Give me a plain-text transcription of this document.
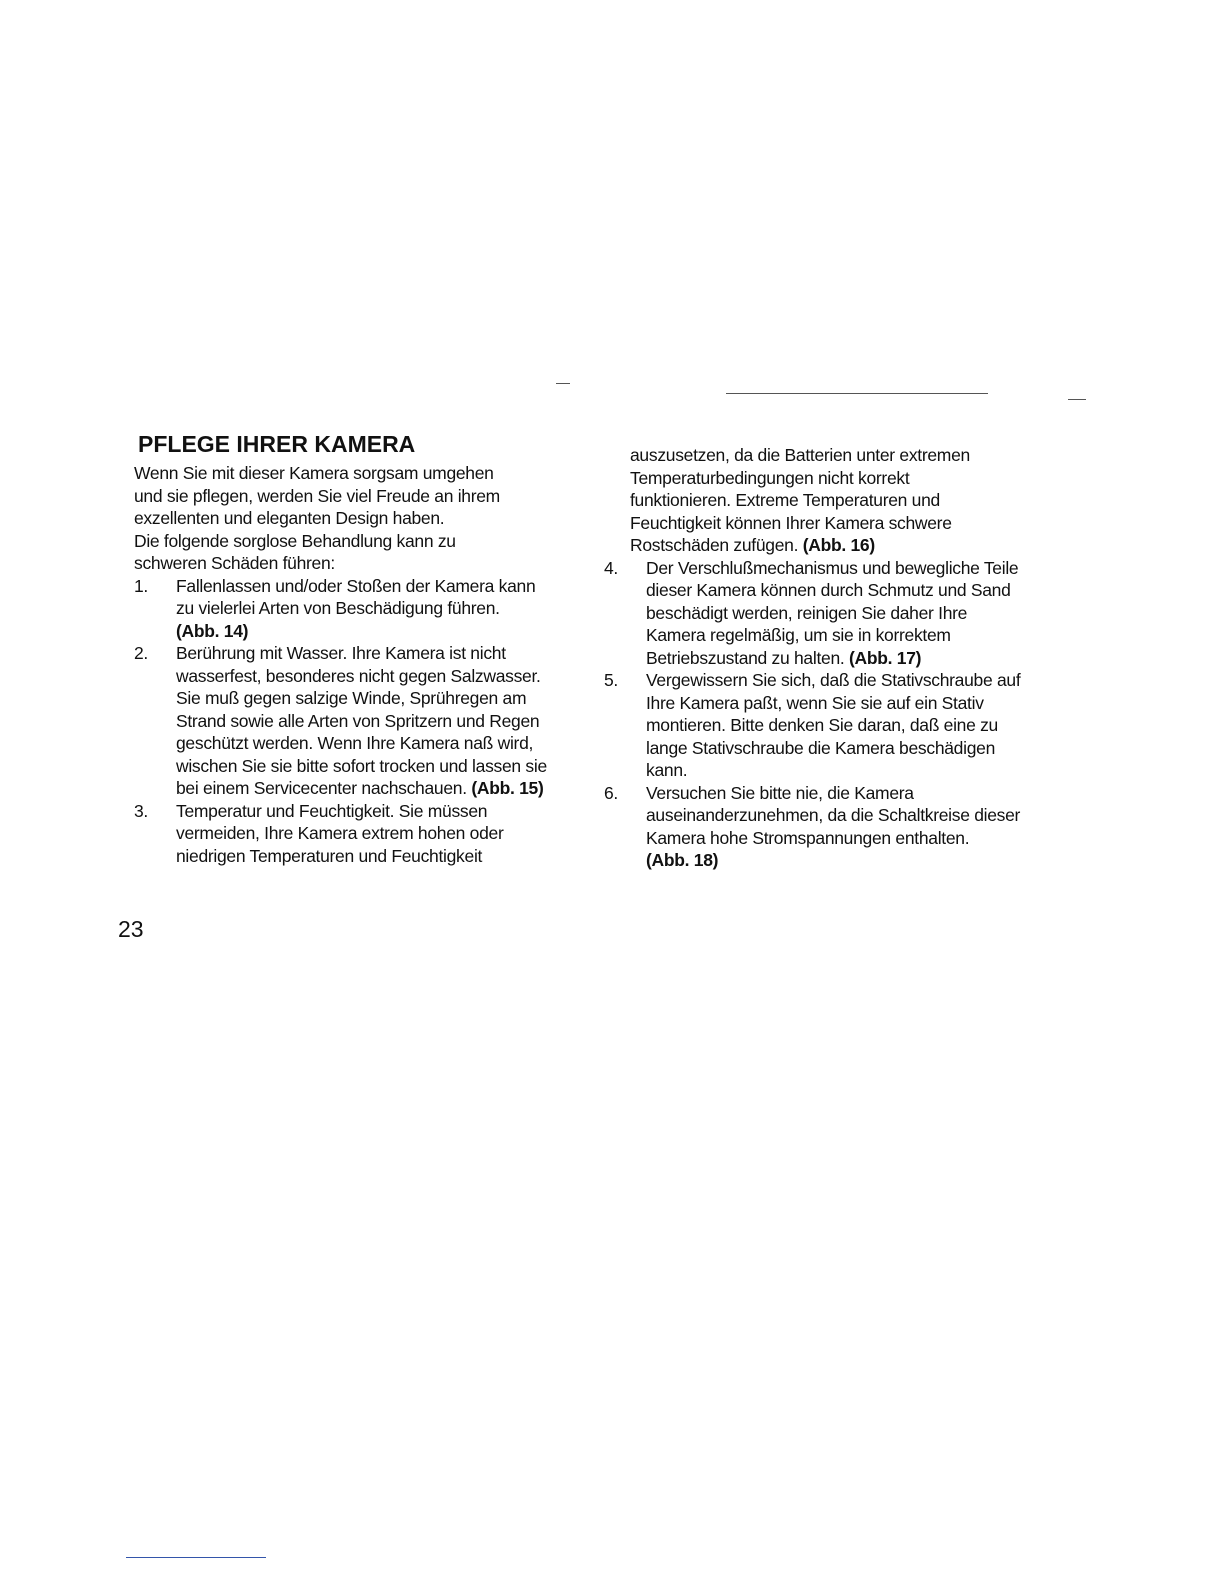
PFLEGE IHRER KAMERA

Wenn Sie mit dieser Kamera sorgsam umgehen
und sie pflegen, werden Sie viel Freude an ihrem
exzellenten und eleganten Design haben.
Die folgende sorglose Behandlung kann zu
schweren Schäden führen:

1.	Fallenlassen und/oder Stoßen der Kamera kann
zu vielerlei Arten von Beschädigung führen.
(Abb. 14)
2.	Berührung mit Wasser. Ihre Kamera ist nicht
wasserfest, besonderes nicht gegen Salzwasser.
Sie muß gegen salzige Winde, Sprühregen am
Strand sowie alle Arten von Spritzern und Regen
geschützt werden. Wenn Ihre Kamera naß wird,
wischen Sie sie bitte sofort trocken und lassen sie
bei einem Servicecenter nachschauen. (Abb. 15)
3.	Temperatur und Feuchtigkeit. Sie müssen
vermeiden, Ihre Kamera extrem hohen oder
niedrigen Temperaturen und Feuchtigkeit
23
auszusetzen, da die Batterien unter extremen
Temperaturbedingungen nicht korrekt
funktionieren. Extreme Temperaturen und
Feuchtigkeit können Ihrer Kamera schwere
Rostschäden zufügen. (Abb. 16)
4.	Der Verschlußmechanismus und bewegliche Teile
dieser Kamera können durch Schmutz und Sand
beschädigt werden, reinigen Sie daher Ihre
Kamera regelmäßig, um sie in korrektem
Betriebszustand zu halten. (Abb. 17)
5.	Vergewissern Sie sich, daß die Stativschraube auf
Ihre Kamera paßt, wenn Sie sie auf ein Stativ
montieren. Bitte denken Sie daran, daß eine zu
lange Stativschraube die Kamera beschädigen
kann.
6.	Versuchen Sie bitte nie, die Kamera
auseinanderzunehmen, da die Schaltkreise dieser
Kamera hohe Stromspannungen enthalten.
(Abb. 18)
